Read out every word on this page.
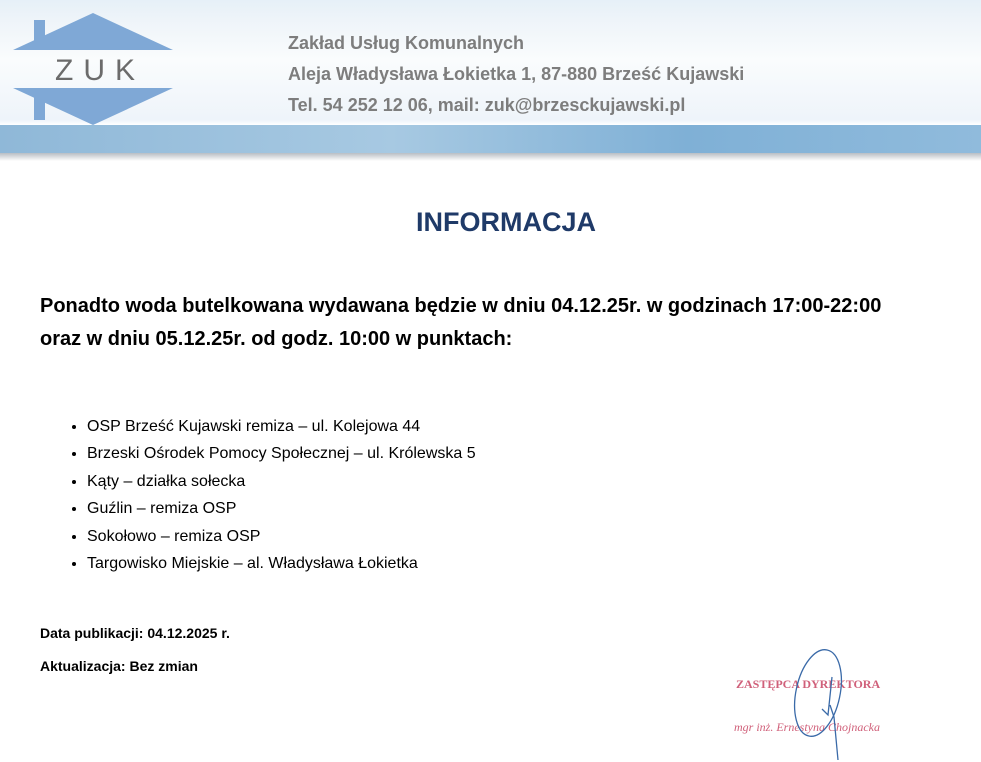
ZUK
Zakład Usług Komunalnych
Aleja Władysława Łokietka 1, 87-880 Brześć Kujawski
Tel. 54 252 12 06, mail: zuk@brzesckujawski.pl
INFORMACJA
Ponadto woda butelkowana wydawana będzie w dniu 04.12.25r. w godzinach 17:00-22:00
oraz w dniu 05.12.25r. od godz. 10:00 w punktach:
• OSP Brześć Kujawski remiza – ul. Kolejowa 44
• Brzeski Ośrodek Pomocy Społecznej – ul. Królewska 5
• Kąty – działka sołecka
• Guźlin – remiza OSP
• Sokołowo – remiza OSP
• Targowisko Miejskie – al. Władysława Łokietka
Data publikacji: 04.12.2025 r.
Aktualizacja: Bez zmian
ZASTĘPCA DYREKTORA
mgr inż. Ernestyna Chojnacka
